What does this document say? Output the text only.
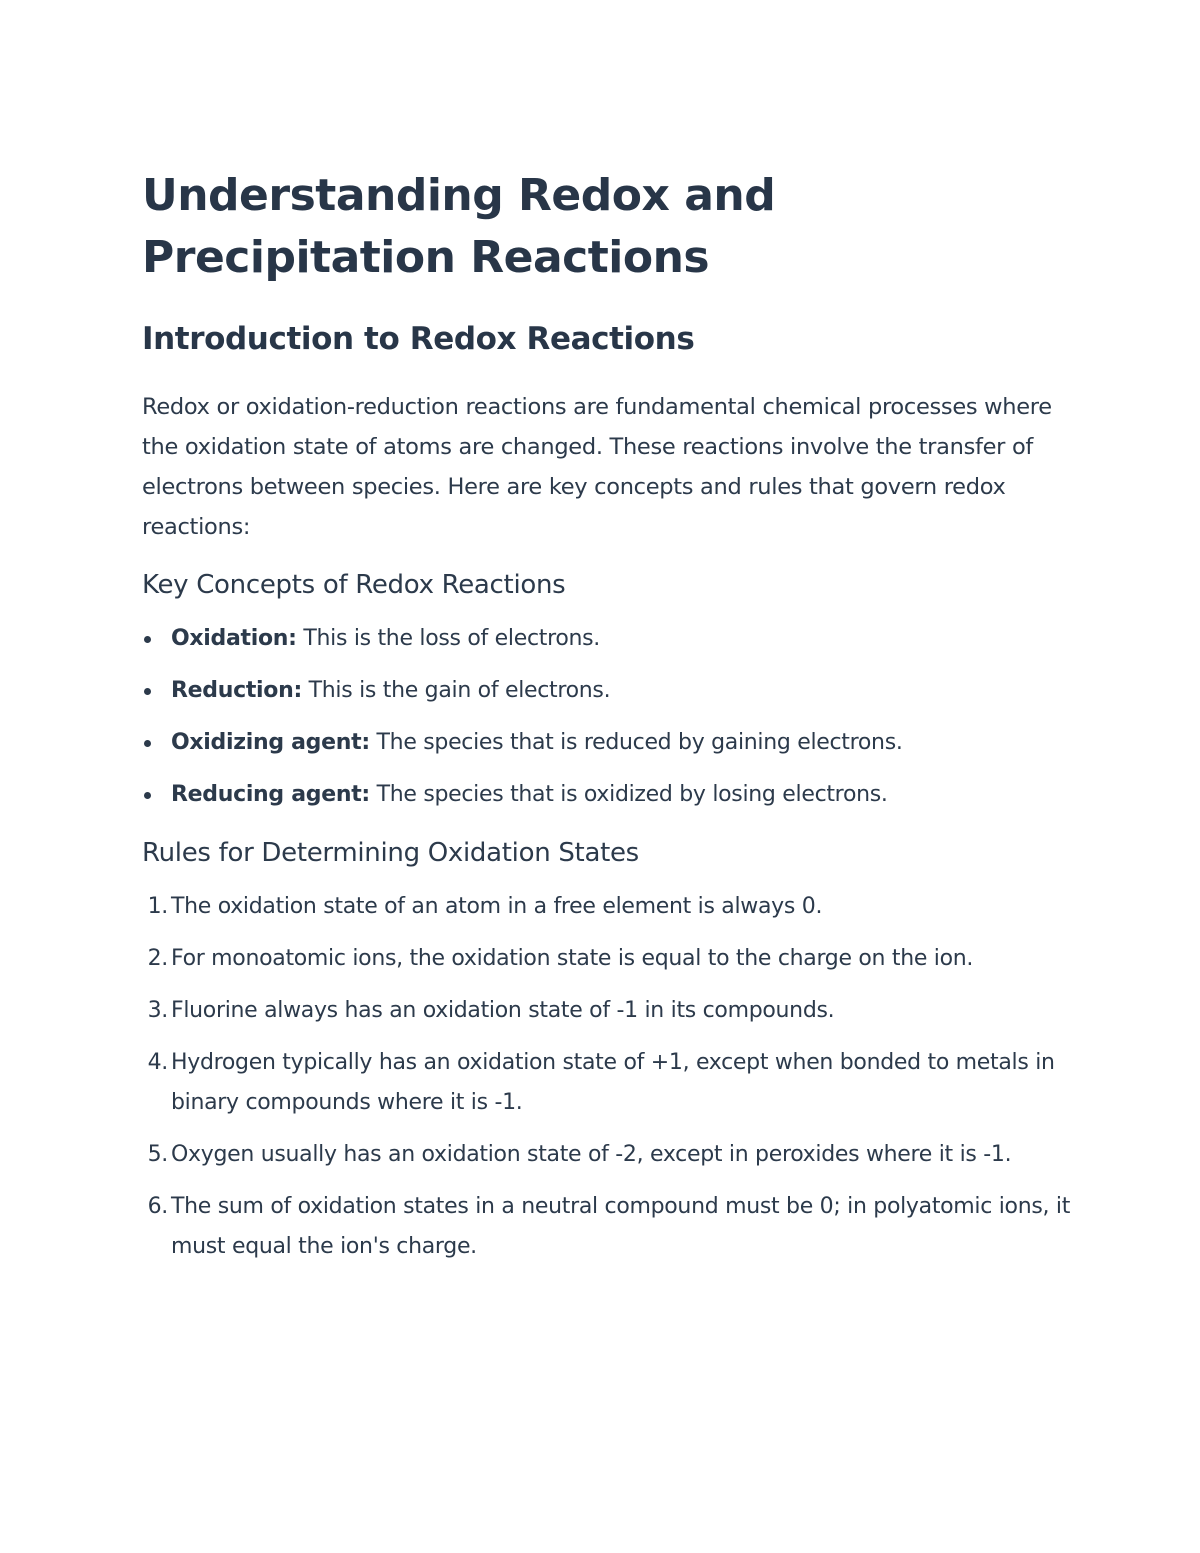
Understanding Redox and Precipitation Reactions
Introduction to Redox Reactions

Redox or oxidation-reduction reactions are fundamental chemical processes where the oxidation state of atoms are changed. These reactions involve the transfer of electrons between species. Here are key concepts and rules that govern redox reactions:

Key Concepts of Redox Reactions
Oxidation: This is the loss of electrons.
Reduction: This is the gain of electrons.
Oxidizing agent: The species that is reduced by gaining electrons.
Reducing agent: The species that is oxidized by losing electrons.
Rules for Determining Oxidation States
1. The oxidation state of an atom in a free element is always 0.
2. For monoatomic ions, the oxidation state is equal to the charge on the ion.
3. Fluorine always has an oxidation state of -1 in its compounds.
4. Hydrogen typically has an oxidation state of +1, except when bonded to metals in binary compounds where it is -1.
5. Oxygen usually has an oxidation state of -2, except in peroxides where it is -1.
6. The sum of oxidation states in a neutral compound must be 0; in polyatomic ions, it must equal the ion's charge.
